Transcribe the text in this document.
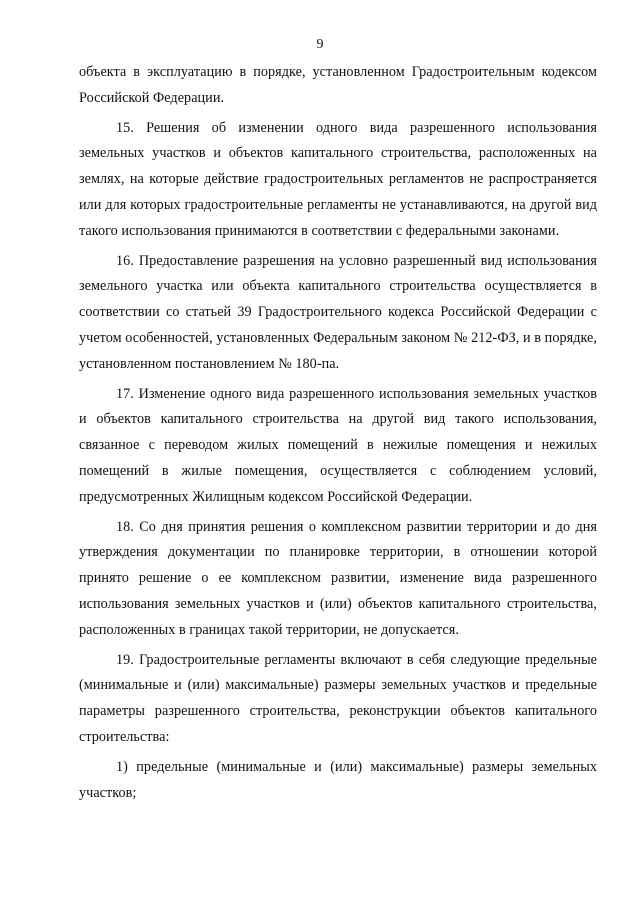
9

объекта в эксплуатацию в порядке, установленном Градостроительным кодексом Российской Федерации.

15. Решения об изменении одного вида разрешенного использования земельных участков и объектов капитального строительства, расположенных на землях, на которые действие градостроительных регламентов не распространяется или для которых градостроительные регламенты не устанавливаются, на другой вид такого использования принимаются в соответствии с федеральными законами.

16. Предоставление разрешения на условно разрешенный вид использования земельного участка или объекта капитального строительства осуществляется в соответствии со статьей 39 Градостроительного кодекса Российской Федерации с учетом особенностей, установленных Федеральным законом № 212-ФЗ, и в порядке, установленном постановлением № 180-па.

17. Изменение одного вида разрешенного использования земельных участков и объектов капитального строительства на другой вид такого использования, связанное с переводом жилых помещений в нежилые помещения и нежилых помещений в жилые помещения, осуществляется с соблюдением условий, предусмотренных Жилищным кодексом Российской Федерации.

18. Со дня принятия решения о комплексном развитии территории и до дня утверждения документации по планировке территории, в отношении которой принято решение о ее комплексном развитии, изменение вида разрешенного использования земельных участков и (или) объектов капитального строительства, расположенных в границах такой территории, не допускается.

19. Градостроительные регламенты включают в себя следующие предельные (минимальные и (или) максимальные) размеры земельных участков и предельные параметры разрешенного строительства, реконструкции объектов капитального строительства:

1) предельные (минимальные и (или) максимальные) размеры земельных участков;
